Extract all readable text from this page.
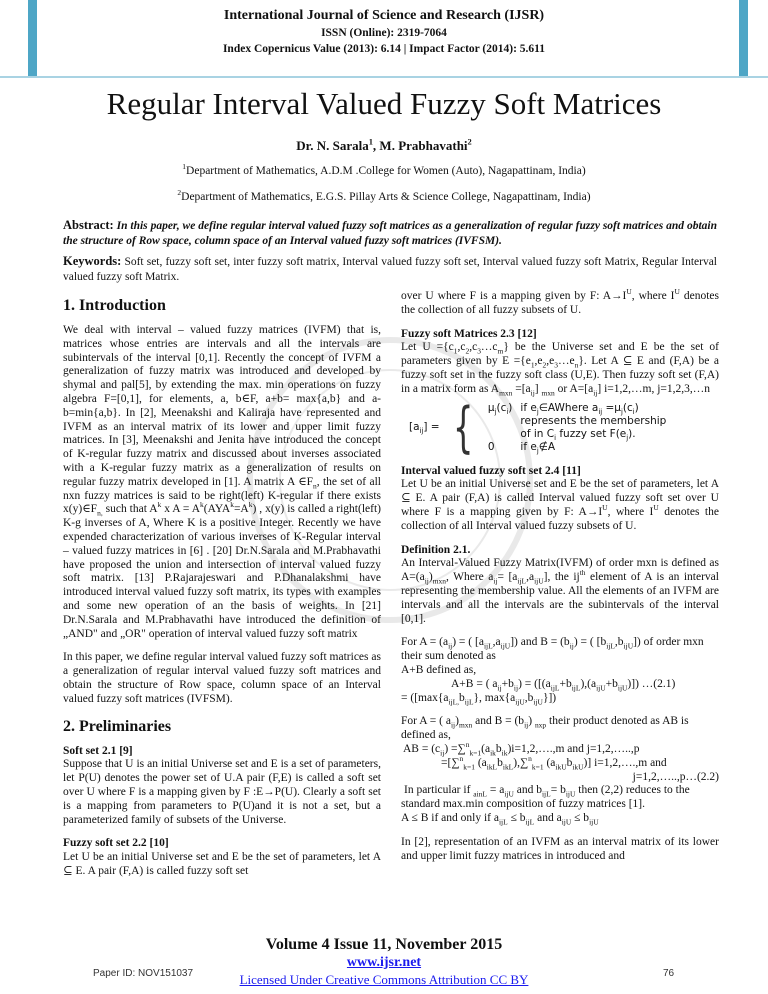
International Journal of Science and Research (IJSR)
ISSN (Online): 2319-7064
Index Copernicus Value (2013): 6.14 | Impact Factor (2014): 5.611
Regular Interval Valued Fuzzy Soft Matrices
Dr. N. Sarala$^1$, M. Prabhavathi$^2$
$^1$Department of Mathematics, A.D.M .College for Women (Auto), Nagapattinam, India)
$^2$Department of Mathematics, E.G.S. Pillay Arts & Science College, Nagapattinam, India)
Abstract: In this paper, we define regular interval valued fuzzy soft matrices as a generalization of regular fuzzy soft matrices and obtain the structure of Row space, column space of an Interval valued fuzzy soft matrices (IVFSM).
Keywords: Soft set, fuzzy soft set, inter fuzzy soft matrix, Interval valued fuzzy soft set, Interval valued fuzzy soft Matrix, Regular Interval valued fuzzy soft Matrix.
1. Introduction

We deal with interval – valued fuzzy matrices (IVFM) that is, matrices whose entries are intervals and all the intervals are subintervals of the interval [0,1]. Recently the concept of IVFM a generalization of fuzzy matrix was introduced and developed by shymal and pal[5], by extending the max. min operations on fuzzy algebra F=[0,1], for elements, a, b∈F, a+b= max{a,b} and a-b=min{a,b}. In [2], Meenakshi and Kaliraja have represented and IVFM as an interval matrix of its lower and upper limit fuzzy matrices. In [3], Meenakshi and Jenita have introduced the concept of K-regular fuzzy matrix and discussed about inverses associated with a K-regular fuzzy matrix as a generalization of results on regular fuzzy matrix developed in [1]. A matrix A $\in F_n$, the set of all nxn fuzzy matrices is said to be right(left) K-regular if there exists $x(y)\in F_{n,}$ such that $A^k$ x $A = A^k(AYA^k=A^k)$ , x(y) is called a right(left) K-g inverses of A, Where K is a positive Integer. Recently we have expended characterization of various inverses of K-Regular interval – valued fuzzy matrices in [6] . [20] Dr.N.Sarala and M.Prabhavathi have proposed the union and intersection of interval valued fuzzy soft matrix. [13] P.Rajarajeswari and P.Dhanalakshmi have introduced interval valued fuzzy soft matrix, its types with examples and some new operation of an the basis of weights. In [21] Dr.N.Sarala and M.Prabhavathi have introduced the definition of „AND" and „OR" operation of interval valued fuzzy soft matrix

In this paper, we define regular interval valued fuzzy soft matrices as a generalization of regular interval valued fuzzy soft matrices and obtain the structure of Row space, column space of an Interval valued fuzzy soft matrices (IVFSM).

2. Preliminaries
Soft set 2.1 [9]

Suppose that U is an initial Universe set and E is a set of parameters, let P(U) denotes the power set of U.A pair (F,E) is called a soft set over U where F is a mapping given by F :E→P(U). Clearly a soft set is a mapping from parameters to P(U)and it is not a set, but a parameterized family of subsets of the Universe.

Fuzzy soft set 2.2 [10]

Let U be an initial Universe set and E be the set of parameters, let A ⊆ E. A pair (F,A) is called fuzzy soft set

over U where F is a mapping given by F: $A\to I^U$, where $I^U$ denotes the collection of all fuzzy subsets of U.

Fuzzy soft Matrices 2.3 [12]

Let $U =\{c_1,c_2,c_3\dots c_m\}$ be the Universe set and E be the set of parameters given by $E =\{e_1,e_2,e_3\dots e_n\}$. Let A ⊆ E and (F,A) be a fuzzy soft set in the fuzzy soft class (U,E). Then fuzzy soft set (F,A) in a matrix form as $A_{mxn} =[a_{ij}]$ $_{mxn}$ or $A=[a_{ij}]$ i=1,2,…m, j=1,2,3,…n

$[a_{ij}]$ = { $\mu_j(c_i)$	if $e_j\in AWhere$ $a_{ij} =\mu_j(c_i)$
	represents the membership
	of in $C_i$ fuzzy set $F(e_j)$.
0	if $e_j\notin A$
Interval valued fuzzy soft set 2.4 [11]

Let U be an initial Universe set and E be the set of parameters, let A ⊆ E. A pair (F,A) is called Interval valued fuzzy soft set over U where F is a mapping given by F: $A\to I^U$, where $I^U$ denotes the collection of all Interval valued fuzzy subsets of U.

Definition 2.1.

An Interval-Valued Fuzzy Matrix(IVFM) of order mxn is defined as $A=(a_{ij})_{mxn}$, Where $a_{ij}= [a_{ijL},a_{ijU}]$, the $ij^{th}$ element of A is an interval representing the membership value. All the elements of an IVFM are intervals and all the intervals are the subintervals of the interval [0,1].

For $A = (a_{ij})$ = ( $[a_{ijL},a_{ijU}]$) and $B = (b_{ij})$ = ( $[b_{ijL},b_{ijU}]$) of order mxn their sum denoted as
A+B defined as,
A+B = ( $a_{ij}+b_{ij}) = ([(a_{ijL}+b_{ijL}),(a_{ijU}+b_{ijU})])$ …(2.1)
= ([$\max\{a_{ijL,}b_{ijL}\}$, $\max\{a_{ijU},b_{ijU}\}$])

For A = ( $a_{ij})_{mxn}$ and $B = (b_{ij})$ $_{nxp}$ their product denoted as AB is defined as,
AB = $(c_{ij})$ $=\sum^n_{k=1}(a_{ik}b_{ik})i=1,2,\dots.,m$ and j=1,2,…..,p
=[∑$^n_{k=1}$ $(a_{ikL}b_{ikL}),\sum^n_{k=1}$ $(a_{ikU}b_{ikU})$] i=1,2,….,m and

j=1,2,…..,p…(2.2)
In particular if $_{ainL} = a_{ijU}$ and $b_{ijL}= b_{ijU}$ then (2,2) reduces to the standard max.min composition of fuzzy matrices [1].
A ≤ B if and only if $a_{ijL} \le b_{ijL}$ and $a_{ijU} \le b_{ijU}$

In [2], representation of an IVFM as an interval matrix of its lower and upper limit fuzzy matrices in introduced and

Volume 4 Issue 11, November 2015
www.ijsr.net
Licensed Under Creative Commons Attribution CC BY
Paper ID: NOV151037	76
